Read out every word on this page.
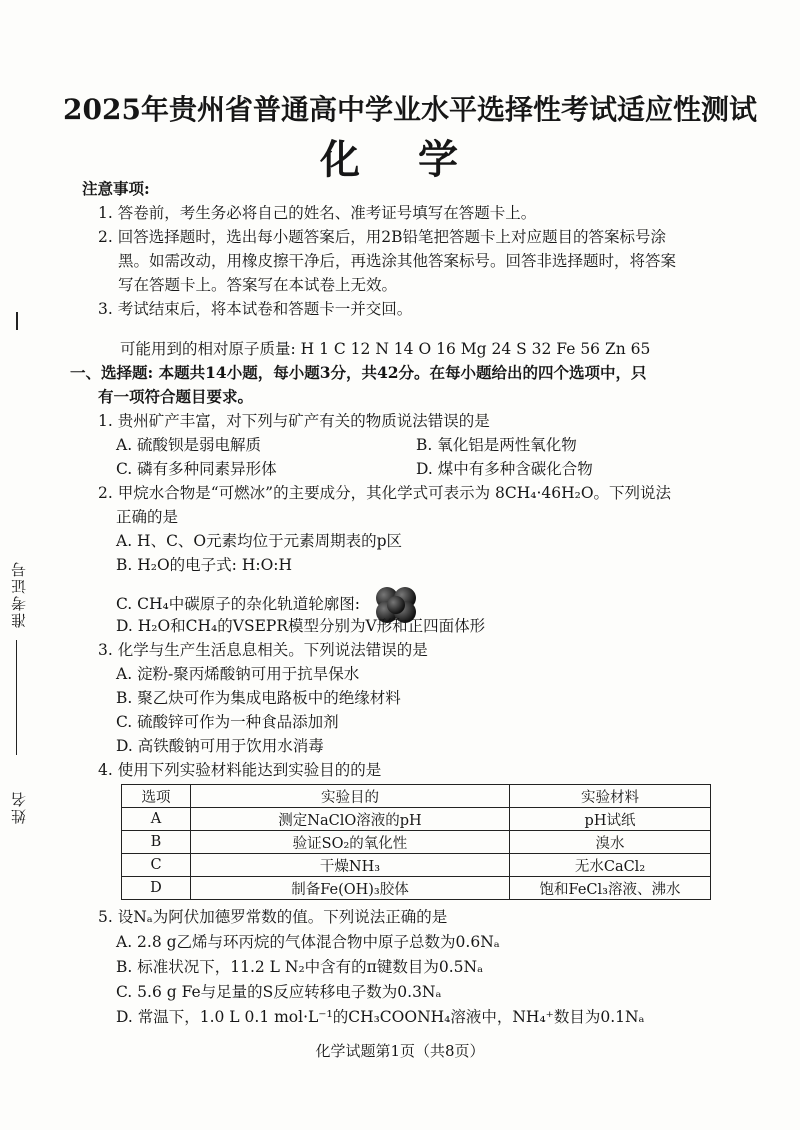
准考证号
姓名
2025年贵州省普通高中学业水平选择性考试适应性测试
化 学
注意事项:
1. 答卷前，考生务必将自己的姓名、准考证号填写在答题卡上。
2. 回答选择题时，选出每小题答案后，用2B铅笔把答题卡上对应题目的答案标号涂
黑。如需改动，用橡皮擦干净后，再选涂其他答案标号。回答非选择题时，将答案
写在答题卡上。答案写在本试卷上无效。
3. 考试结束后，将本试卷和答题卡一并交回。
可能用到的相对原子质量: H 1 C 12 N 14 O 16 Mg 24 S 32 Fe 56 Zn 65
一、选择题: 本题共14小题，每小题3分，共42分。在每小题给出的四个选项中，只
有一项符合题目要求。
1. 贵州矿产丰富，对下列与矿产有关的物质说法错误的是
A. 硫酸钡是弱电解质	B. 氧化铝是两性氧化物
C. 磷有多种同素异形体	D. 煤中有多种含碳化合物
2. 甲烷水合物是“可燃冰”的主要成分，其化学式可表示为 8CH₄·46H₂O。下列说法
正确的是
A. H、C、O元素均位于元素周期表的p区
B. H₂O的电子式: H:O:H
C. CH₄中碳原子的杂化轨道轮廓图:
D. H₂O和CH₄的VSEPR模型分别为V形和正四面体形
3. 化学与生产生活息息相关。下列说法错误的是
A. 淀粉-聚丙烯酸钠可用于抗旱保水
B. 聚乙炔可作为集成电路板中的绝缘材料
C. 硫酸锌可作为一种食品添加剂
D. 高铁酸钠可用于饮用水消毒
4. 使用下列实验材料能达到实验目的的是
选项	实验目的	实验材料
A	测定NaClO溶液的pH	pH试纸
B	验证SO₂的氧化性	溴水
C	干燥NH₃	无水CaCl₂
D	制备Fe(OH)₃胶体	饱和FeCl₃溶液、沸水
5. 设Nₐ为阿伏加德罗常数的值。下列说法正确的是
A. 2.8 g乙烯与环丙烷的气体混合物中原子总数为0.6Nₐ
B. 标准状况下，11.2 L N₂中含有的π键数目为0.5Nₐ
C. 5.6 g Fe与足量的S反应转移电子数为0.3Nₐ
D. 常温下，1.0 L 0.1 mol·L⁻¹的CH₃COONH₄溶液中，NH₄⁺数目为0.1Nₐ
化学试题第1页（共8页）
